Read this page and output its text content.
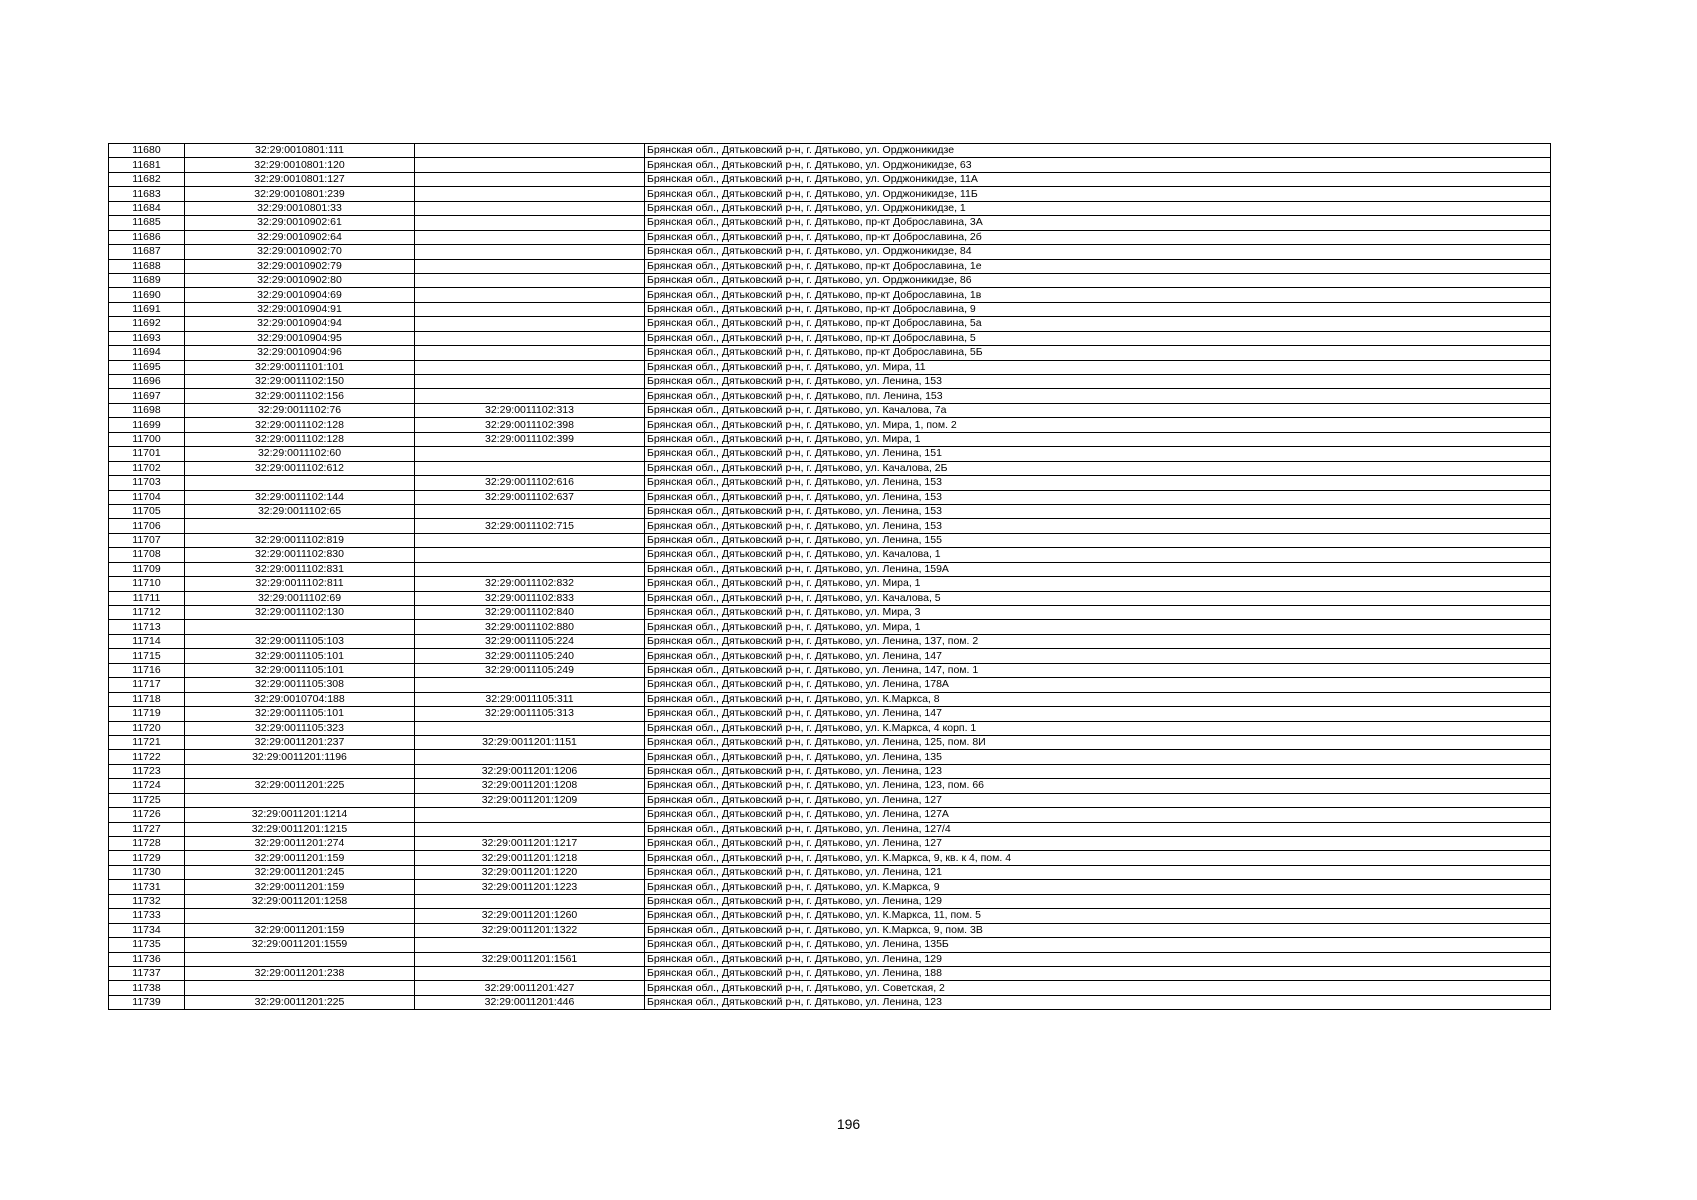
11680	32:29:0010801:111		Брянская обл., Дятьковский р-н, г. Дятьково, ул. Орджоникидзе
11681	32:29:0010801:120		Брянская обл., Дятьковский р-н, г. Дятьково, ул. Орджоникидзе, 63
11682	32:29:0010801:127		Брянская обл., Дятьковский р-н, г. Дятьково, ул. Орджоникидзе, 11А
11683	32:29:0010801:239		Брянская обл., Дятьковский р-н, г. Дятьково, ул. Орджоникидзе, 11Б
11684	32:29:0010801:33		Брянская обл., Дятьковский р-н, г. Дятьково, ул. Орджоникидзе, 1
11685	32:29:0010902:61		Брянская обл., Дятьковский р-н, г. Дятьково, пр-кт Доброславина, 3А
11686	32:29:0010902:64		Брянская обл., Дятьковский р-н, г. Дятьково, пр-кт Доброславина, 2б
11687	32:29:0010902:70		Брянская обл., Дятьковский р-н, г. Дятьково, ул. Орджоникидзе, 84
11688	32:29:0010902:79		Брянская обл., Дятьковский р-н, г. Дятьково, пр-кт Доброславина, 1е
11689	32:29:0010902:80		Брянская обл., Дятьковский р-н, г. Дятьково, ул. Орджоникидзе, 86
11690	32:29:0010904:69		Брянская обл., Дятьковский р-н, г. Дятьково, пр-кт Доброславина, 1в
11691	32:29:0010904:91		Брянская обл., Дятьковский р-н, г. Дятьково, пр-кт Доброславина, 9
11692	32:29:0010904:94		Брянская обл., Дятьковский р-н, г. Дятьково, пр-кт Доброславина, 5а
11693	32:29:0010904:95		Брянская обл., Дятьковский р-н, г. Дятьково, пр-кт Доброславина, 5
11694	32:29:0010904:96		Брянская обл., Дятьковский р-н, г. Дятьково, пр-кт Доброславина, 5Б
11695	32:29:0011101:101		Брянская обл., Дятьковский р-н, г. Дятьково, ул. Мира, 11
11696	32:29:0011102:150		Брянская обл., Дятьковский р-н, г. Дятьково, ул. Ленина, 153
11697	32:29:0011102:156		Брянская обл., Дятьковский р-н, г. Дятьково, пл. Ленина, 153
11698	32:29:0011102:76	32:29:0011102:313	Брянская обл., Дятьковский р-н, г. Дятьково, ул. Качалова, 7а
11699	32:29:0011102:128	32:29:0011102:398	Брянская обл., Дятьковский р-н, г. Дятьково, ул. Мира, 1, пом. 2
11700	32:29:0011102:128	32:29:0011102:399	Брянская обл., Дятьковский р-н, г. Дятьково, ул. Мира, 1
11701	32:29:0011102:60		Брянская обл., Дятьковский р-н, г. Дятьково, ул. Ленина, 151
11702	32:29:0011102:612		Брянская обл., Дятьковский р-н, г. Дятьково, ул. Качалова, 2Б
11703		32:29:0011102:616	Брянская обл., Дятьковский р-н, г. Дятьково, ул. Ленина, 153
11704	32:29:0011102:144	32:29:0011102:637	Брянская обл., Дятьковский р-н, г. Дятьково, ул. Ленина, 153
11705	32:29:0011102:65		Брянская обл., Дятьковский р-н, г. Дятьково, ул. Ленина, 153
11706		32:29:0011102:715	Брянская обл., Дятьковский р-н, г. Дятьково, ул. Ленина, 153
11707	32:29:0011102:819		Брянская обл., Дятьковский р-н, г. Дятьково, ул. Ленина, 155
11708	32:29:0011102:830		Брянская обл., Дятьковский р-н, г. Дятьково, ул. Качалова, 1
11709	32:29:0011102:831		Брянская обл., Дятьковский р-н, г. Дятьково, ул. Ленина, 159А
11710	32:29:0011102:811	32:29:0011102:832	Брянская обл., Дятьковский р-н, г. Дятьково, ул. Мира, 1
11711	32:29:0011102:69	32:29:0011102:833	Брянская обл., Дятьковский р-н, г. Дятьково, ул. Качалова, 5
11712	32:29:0011102:130	32:29:0011102:840	Брянская обл., Дятьковский р-н, г. Дятьково, ул. Мира, 3
11713		32:29:0011102:880	Брянская обл., Дятьковский р-н, г. Дятьково, ул. Мира, 1
11714	32:29:0011105:103	32:29:0011105:224	Брянская обл., Дятьковский р-н, г. Дятьково, ул. Ленина, 137, пом. 2
11715	32:29:0011105:101	32:29:0011105:240	Брянская обл., Дятьковский р-н, г. Дятьково, ул. Ленина, 147
11716	32:29:0011105:101	32:29:0011105:249	Брянская обл., Дятьковский р-н, г. Дятьково, ул. Ленина, 147, пом. 1
11717	32:29:0011105:308		Брянская обл., Дятьковский р-н, г. Дятьково, ул. Ленина, 178А
11718	32:29:0010704:188	32:29:0011105:311	Брянская обл., Дятьковский р-н, г. Дятьково, ул. К.Маркса, 8
11719	32:29:0011105:101	32:29:0011105:313	Брянская обл., Дятьковский р-н, г. Дятьково, ул. Ленина, 147
11720	32:29:0011105:323		Брянская обл., Дятьковский р-н, г. Дятьково, ул. К.Маркса, 4 корп. 1
11721	32:29:0011201:237	32:29:0011201:1151	Брянская обл., Дятьковский р-н, г. Дятьково, ул. Ленина, 125, пом. 8И
11722	32:29:0011201:1196		Брянская обл., Дятьковский р-н, г. Дятьково, ул. Ленина, 135
11723		32:29:0011201:1206	Брянская обл., Дятьковский р-н, г. Дятьково, ул. Ленина, 123
11724	32:29:0011201:225	32:29:0011201:1208	Брянская обл., Дятьковский р-н, г. Дятьково, ул. Ленина, 123, пом. 66
11725		32:29:0011201:1209	Брянская обл., Дятьковский р-н, г. Дятьково, ул. Ленина, 127
11726	32:29:0011201:1214		Брянская обл., Дятьковский р-н, г. Дятьково, ул. Ленина, 127А
11727	32:29:0011201:1215		Брянская обл., Дятьковский р-н, г. Дятьково, ул. Ленина, 127/4
11728	32:29:0011201:274	32:29:0011201:1217	Брянская обл., Дятьковский р-н, г. Дятьково, ул. Ленина, 127
11729	32:29:0011201:159	32:29:0011201:1218	Брянская обл., Дятьковский р-н, г. Дятьково, ул. К.Маркса, 9, кв. к 4, пом. 4
11730	32:29:0011201:245	32:29:0011201:1220	Брянская обл., Дятьковский р-н, г. Дятьково, ул. Ленина, 121
11731	32:29:0011201:159	32:29:0011201:1223	Брянская обл., Дятьковский р-н, г. Дятьково, ул. К.Маркса, 9
11732	32:29:0011201:1258		Брянская обл., Дятьковский р-н, г. Дятьково, ул. Ленина, 129
11733		32:29:0011201:1260	Брянская обл., Дятьковский р-н, г. Дятьково, ул. К.Маркса, 11, пом. 5
11734	32:29:0011201:159	32:29:0011201:1322	Брянская обл., Дятьковский р-н, г. Дятьково, ул. К.Маркса, 9, пом. 3В
11735	32:29:0011201:1559		Брянская обл., Дятьковский р-н, г. Дятьково, ул. Ленина, 135Б
11736		32:29:0011201:1561	Брянская обл., Дятьковский р-н, г. Дятьково, ул. Ленина, 129
11737	32:29:0011201:238		Брянская обл., Дятьковский р-н, г. Дятьково, ул. Ленина, 188
11738		32:29:0011201:427	Брянская обл., Дятьковский р-н, г. Дятьково, ул. Советская, 2
11739	32:29:0011201:225	32:29:0011201:446	Брянская обл., Дятьковский р-н, г. Дятьково, ул. Ленина, 123
196
